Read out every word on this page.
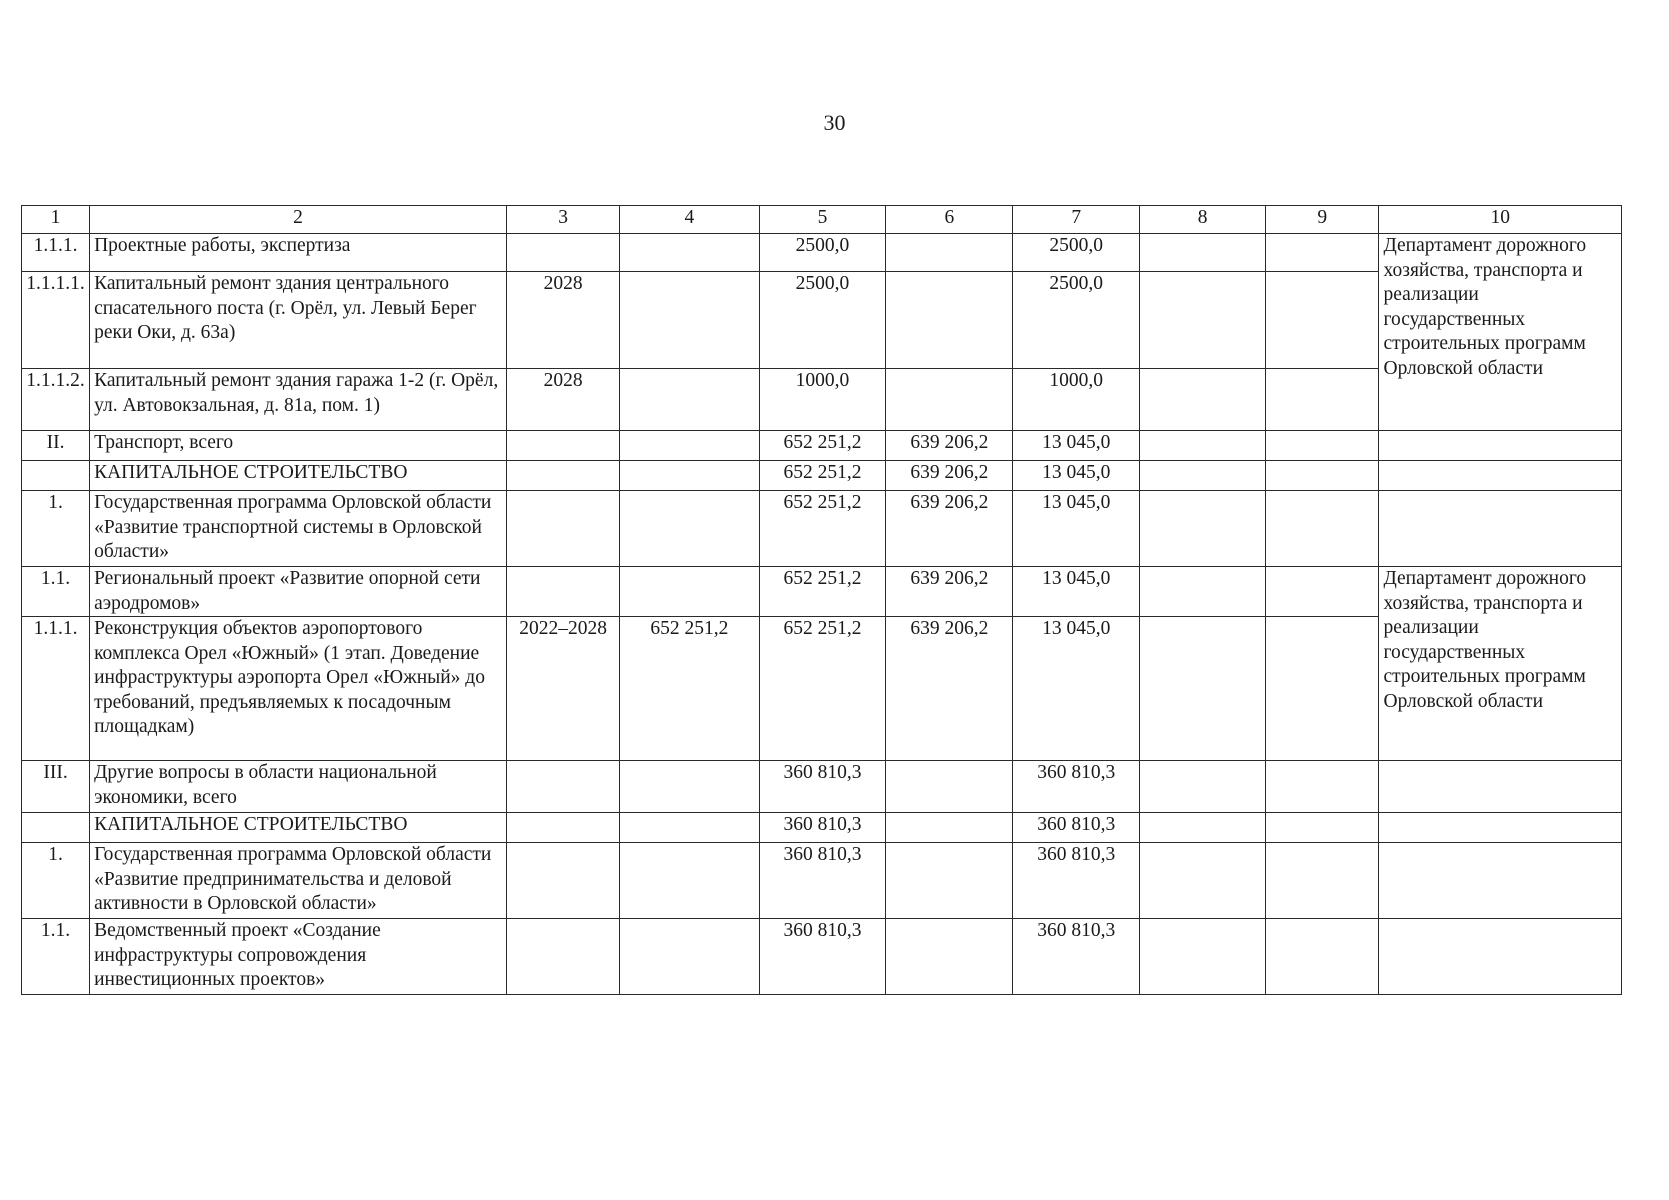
30
1	2	3	4	5	6	7	8	9	10
1.1.1.	Проектные работы, экспертиза			2500,0		2500,0			Департамент дорожного хозяйства, транспорта и реализации государственных строительных программ Орловской области
1.1.1.1.	Капитальный ремонт здания центрального спасательного поста (г. Орёл, ул. Левый Берег реки Оки, д. 63а)	2028		2500,0		2500,0			
1.1.1.2.	Капитальный ремонт здания гаража 1-2 (г. Орёл, ул. Автовокзальная, д. 81а, пом. 1)	2028		1000,0		1000,0			
II.	Транспорт, всего			652 251,2	639 206,2	13 045,0			
	КАПИТАЛЬНОЕ СТРОИТЕЛЬСТВО			652 251,2	639 206,2	13 045,0			
1.	Государственная программа Орловской области «Развитие транспортной системы в Орловской области»			652 251,2	639 206,2	13 045,0			
1.1.	Региональный проект «Развитие опорной сети аэродромов»			652 251,2	639 206,2	13 045,0			Департамент дорожного хозяйства, транспорта и реализации государственных строительных программ Орловской области
1.1.1.	Реконструкция объектов аэропортового комплекса Орел «Южный» (1 этап. Доведение инфраструктуры аэропорта Орел «Южный» до требований, предъявляемых к посадочным площадкам)	2022–2028	652 251,2	652 251,2	639 206,2	13 045,0			
III.	Другие вопросы в области национальной экономики, всего			360 810,3		360 810,3			
	КАПИТАЛЬНОЕ СТРОИТЕЛЬСТВО			360 810,3		360 810,3			
1.	Государственная программа Орловской области «Развитие предпринимательства и деловой активности в Орловской области»			360 810,3		360 810,3			
1.1.	Ведомственный проект «Создание инфраструктуры сопровождения инвестиционных проектов»			360 810,3		360 810,3			
